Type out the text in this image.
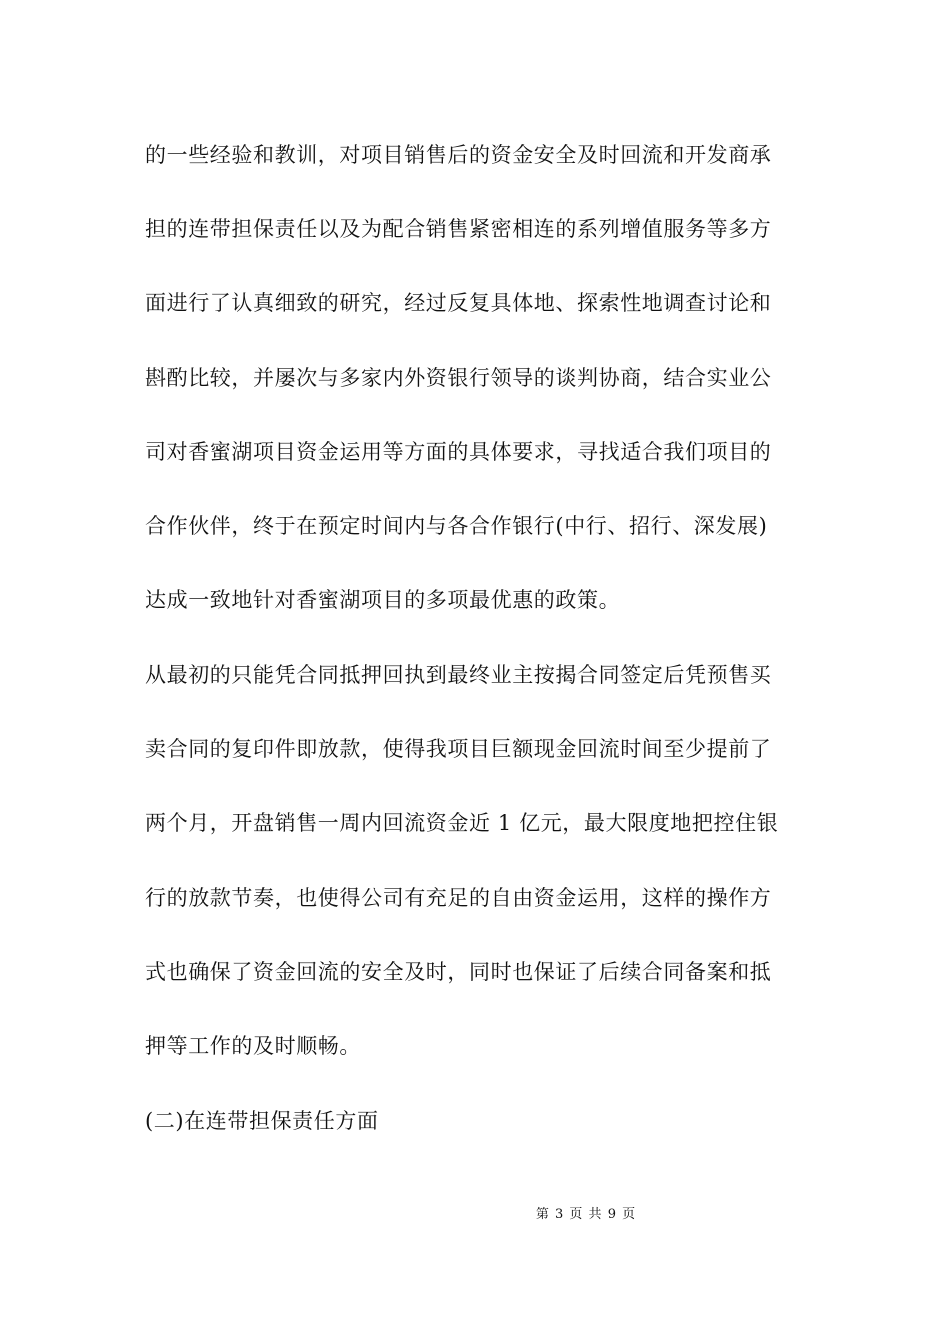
的一些经验和教训，对项目销售后的资金安全及时回流和开发商承
担的连带担保责任以及为配合销售紧密相连的系列增值服务等多方
面进行了认真细致的研究，经过反复具体地、探索性地调查讨论和
斟酌比较，并屡次与多家内外资银行领导的谈判协商，结合实业公
司对香蜜湖项目资金运用等方面的具体要求，寻找适合我们项目的
合作伙伴，终于在预定时间内与各合作银行(中行、招行、深发展)
达成一致地针对香蜜湖项目的多项最优惠的政策。
从最初的只能凭合同抵押回执到最终业主按揭合同签定后凭预售买
卖合同的复印件即放款，使得我项目巨额现金回流时间至少提前了
两个月，开盘销售一周内回流资金近 1 亿元，最大限度地把控住银
行的放款节奏，也使得公司有充足的自由资金运用，这样的操作方
式也确保了资金回流的安全及时，同时也保证了后续合同备案和抵
押等工作的及时顺畅。
(二)在连带担保责任方面
第 3 页 共 9 页
